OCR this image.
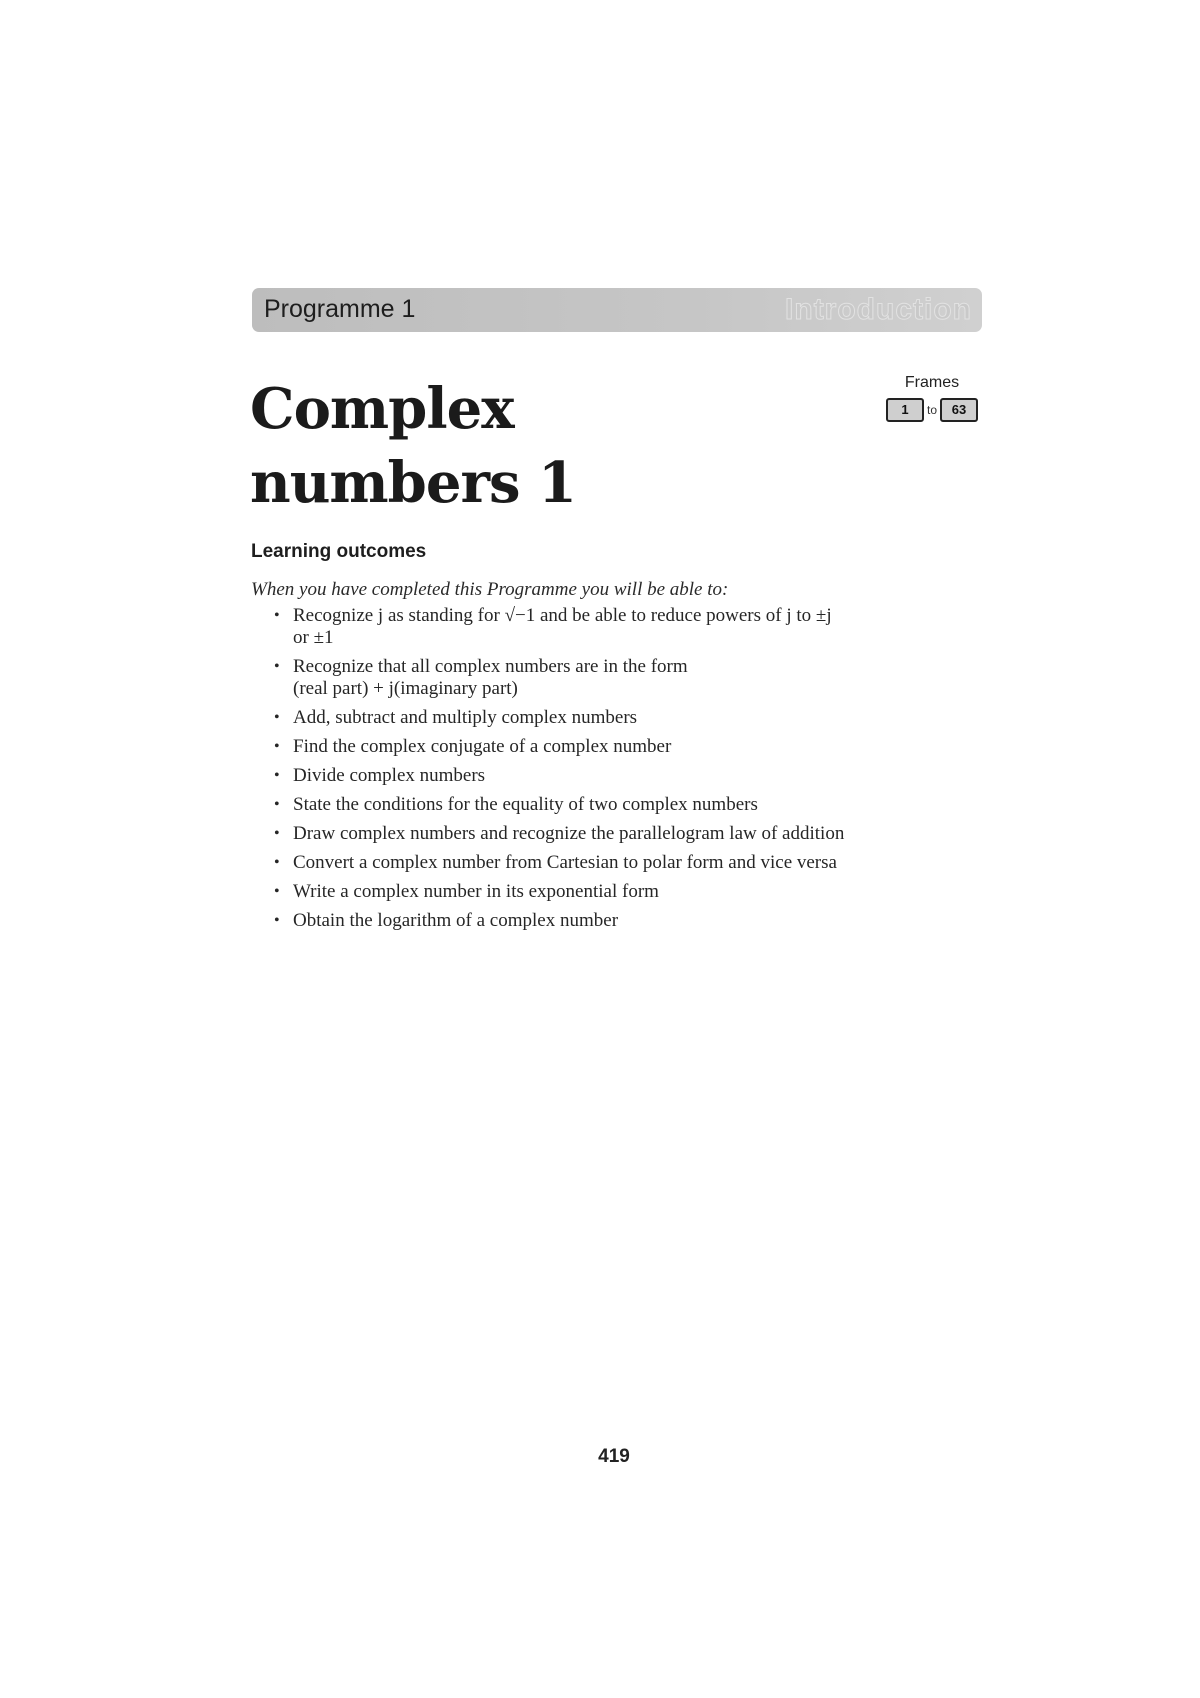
Programme 1	Introduction
Complex
numbers 1
Frames
1	to	63
Learning outcomes

When you have completed this Programme you will be able to:

• Recognize j as standing for √−1 and be able to reduce powers of j to ±j
or ±1
• Recognize that all complex numbers are in the form
(real part) + j(imaginary part)
• Add, subtract and multiply complex numbers
• Find the complex conjugate of a complex number
• Divide complex numbers
• State the conditions for the equality of two complex numbers
• Draw complex numbers and recognize the parallelogram law of addition
• Convert a complex number from Cartesian to polar form and vice versa
• Write a complex number in its exponential form
• Obtain the logarithm of a complex number
419
